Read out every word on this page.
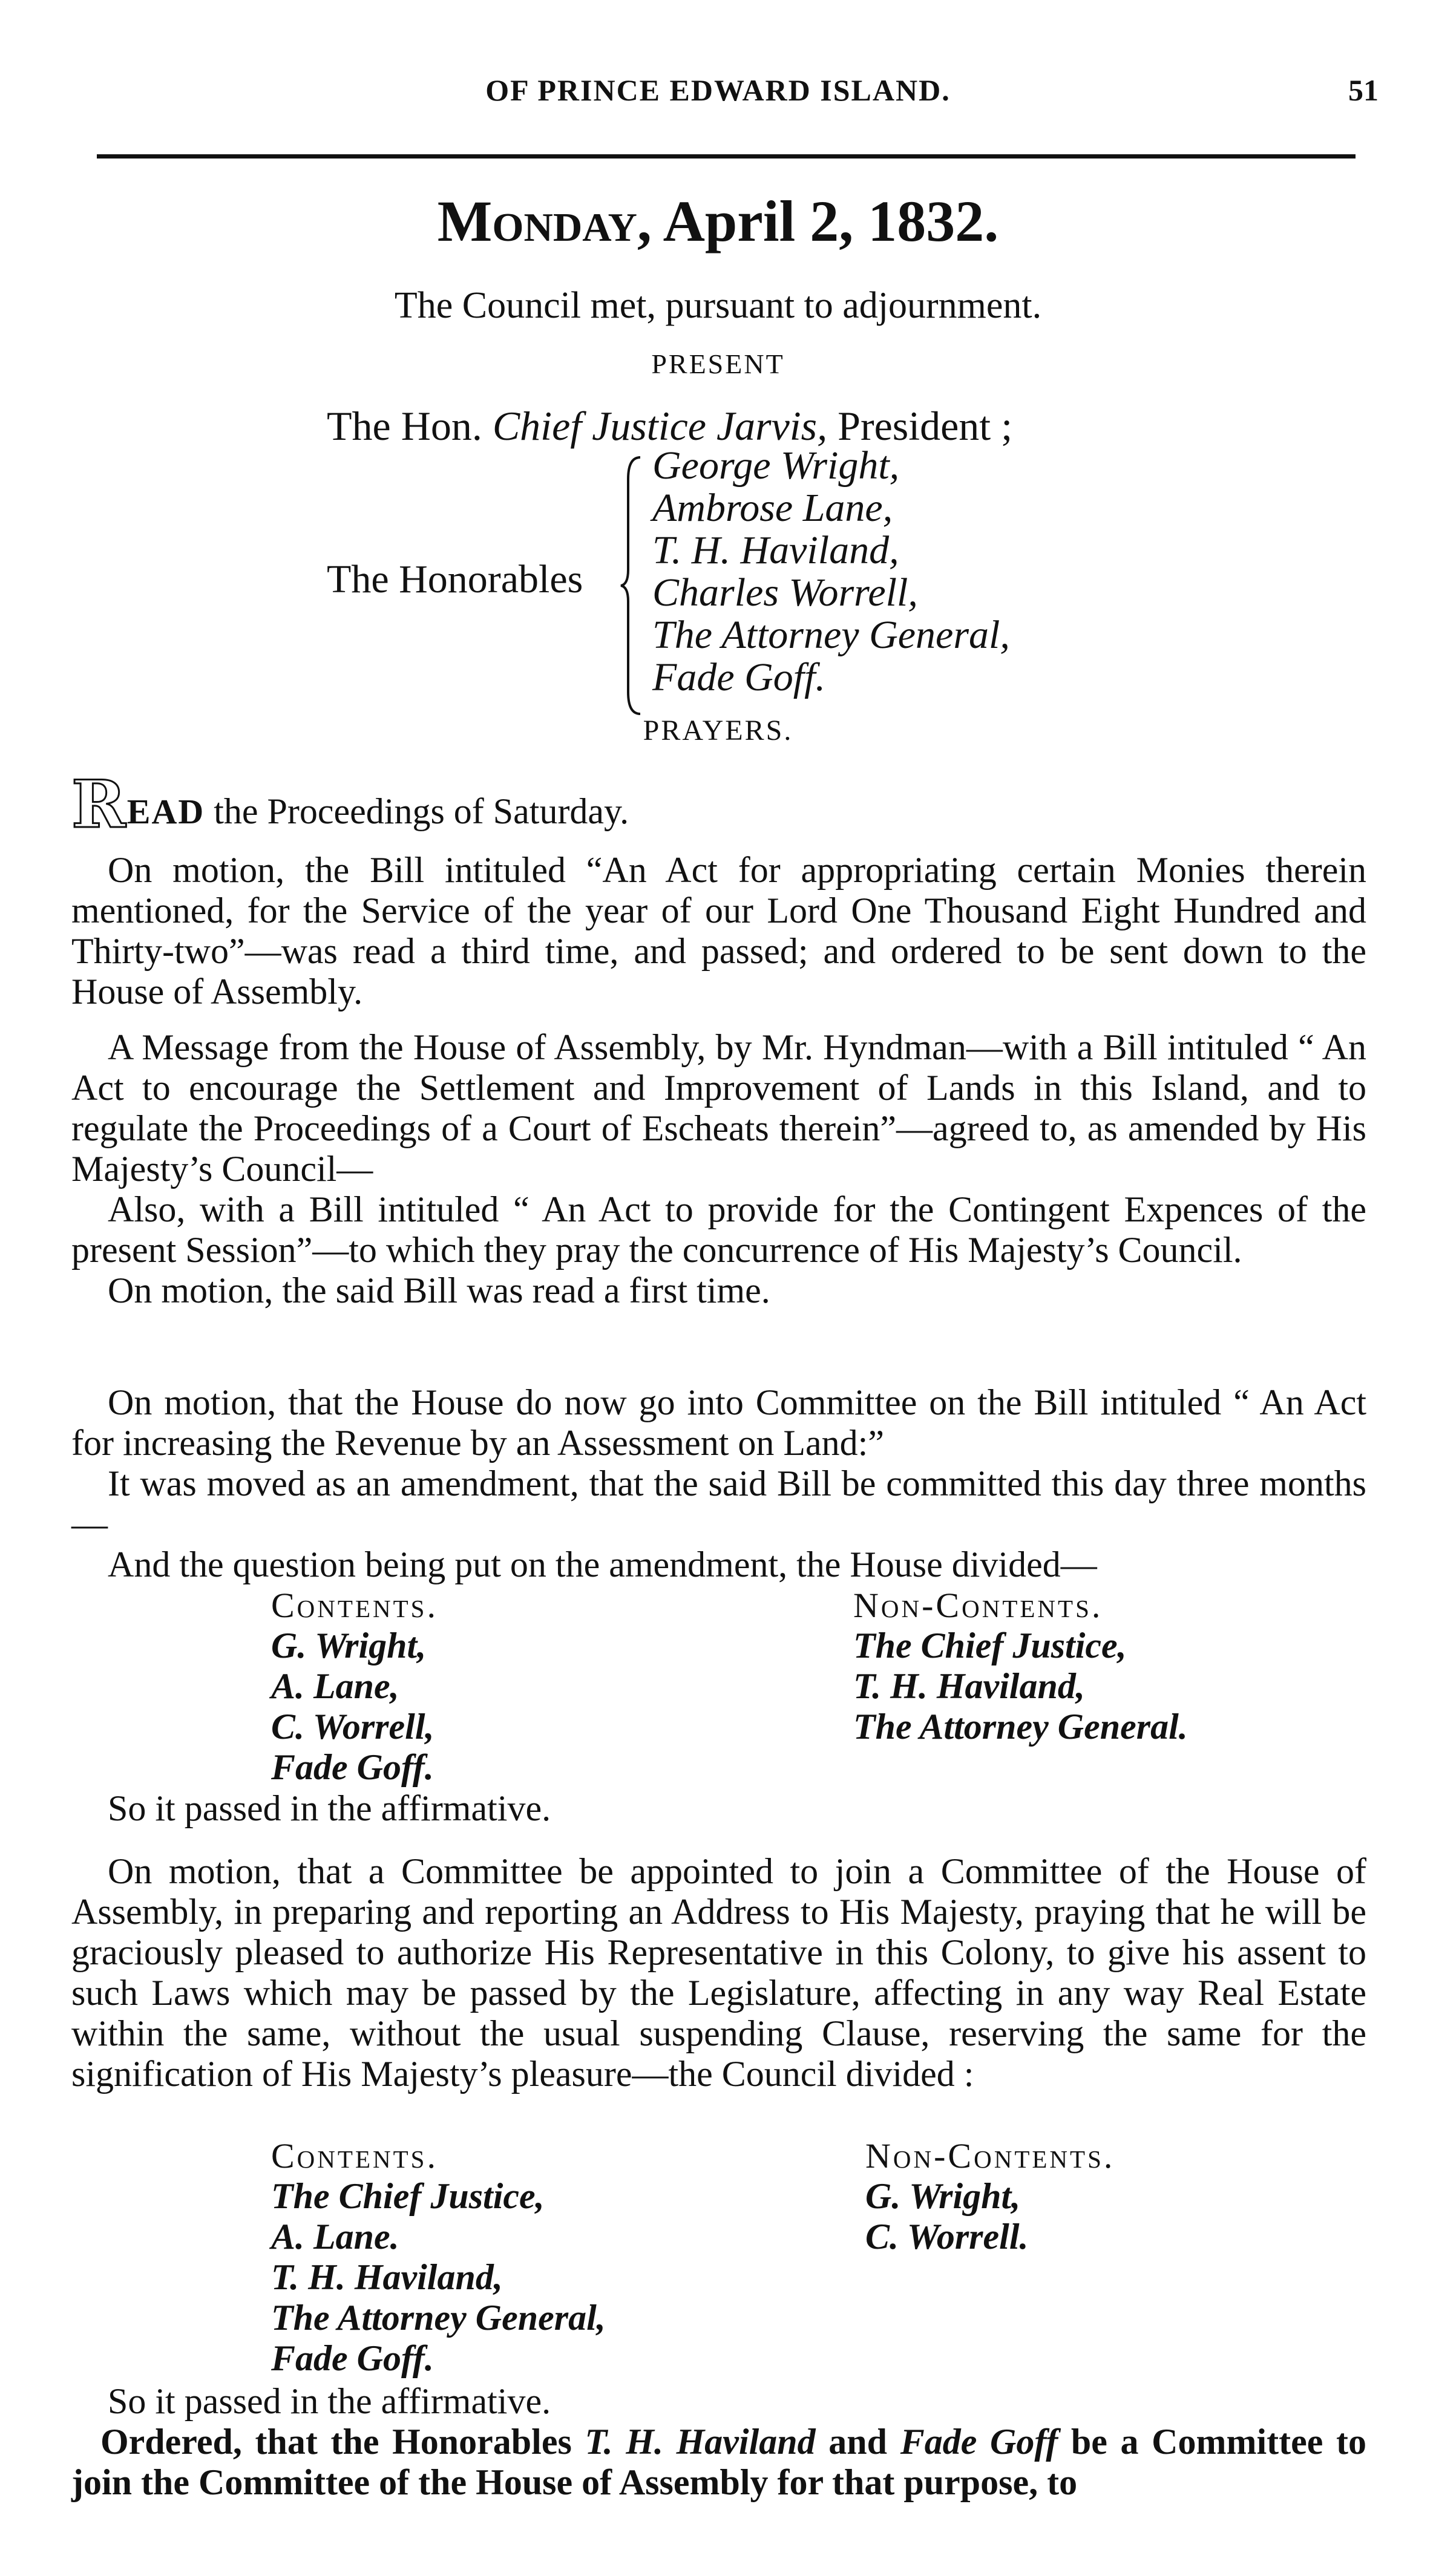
OF PRINCE EDWARD ISLAND.	51
Monday, April 2, 1832.
The Council met, pursuant to adjournment.
PRESENT
The Hon. Chief Justice Jarvis, President ;
The Honorables
George Wright,
Ambrose Lane,
T. H. Haviland,
Charles Worrell,
The Attorney General,
Fade Goff.
PRAYERS.
READ the Proceedings of Saturday.

On motion, the Bill intituled “An Act for appropriating certain Monies therein mentioned, for the Service of the year of our Lord One Thousand Eight Hundred and Thirty-two”—was read a third time, and passed; and ordered to be sent down to the House of Assembly.

A Message from the House of Assembly, by Mr. Hyndman—with a Bill intituled “ An Act to encourage the Settlement and Improvement of Lands in this Island, and to regulate the Proceedings of a Court of Escheats therein”—agreed to, as amended by His Majesty’s Council—

Also, with a Bill intituled “ An Act to provide for the Contingent Expences of the present Session”—to which they pray the concurrence of His Majesty’s Council.

On motion, the said Bill was read a first time.

On motion, that the House do now go into Committee on the Bill intituled “ An Act for increasing the Revenue by an Assessment on Land:”

It was moved as an amendment, that the said Bill be committed this day three months—

And the question being put on the amendment, the House divided—

Contents.
G. Wright,
A. Lane,
C. Worrell,
Fade Goff.
Non-Contents.
The Chief Justice,
T. H. Haviland,
The Attorney General.
So it passed in the affirmative.

On motion, that a Committee be appointed to join a Committee of the House of Assembly, in preparing and reporting an Address to His Majesty, praying that he will be graciously pleased to authorize His Representative in this Colony, to give his assent to such Laws which may be passed by the Legislature, affecting in any way Real Estate within the same, without the usual suspending Clause, reserving the same for the signification of His Majesty’s pleasure—the Council divided :

Contents.
The Chief Justice,
A. Lane.
T. H. Haviland,
The Attorney General,
Fade Goff.
Non-Contents.
G. Wright,
C. Worrell.
So it passed in the affirmative.

Ordered, that the Honorables T. H. Haviland and Fade Goff be a Committee to join the Committee of the House of Assembly for that purpose, to
